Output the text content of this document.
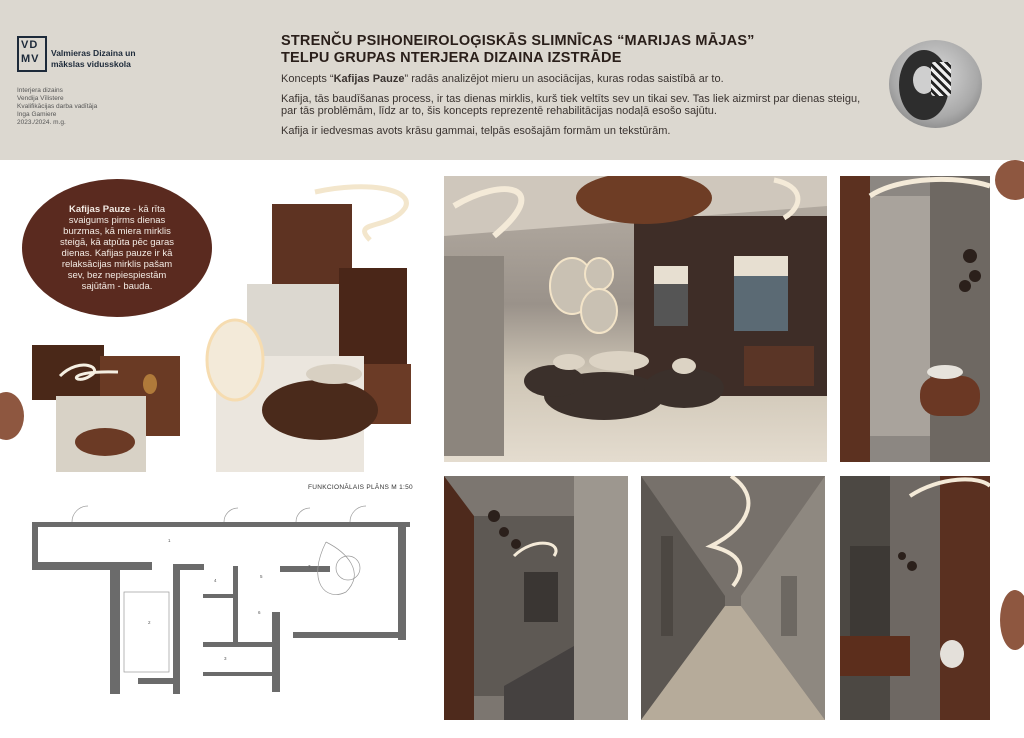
VD
MV Valmieras Dizaina un
mākslas vidusskola
Interjera dizains
Vendija Vīlistere
Kvalifikācijas darba vadītāja
Inga Gamiere
2023./2024. m.g.
STRENČU PSIHONEIROLOĢISKĀS SLIMNĪCAS “MARIJAS MĀJAS”
TELPU GRUPAS NTERJERA DIZAINA IZSTRĀDE

Koncepts “Kafijas Pauze” radās analizējot mieru un asociācijas, kuras rodas saistībā ar to.

Kafija, tās baudīšanas process, ir tas dienas mirklis, kurš tiek veltīts sev un tikai sev. Tas liek aizmirst par dienas steigu, par tās problēmām, līdz ar to, šis koncepts reprezentē rehabilitācijas nodaļā esošo sajūtu.

Kafija ir iedvesmas avots krāsu gammai, telpās esošajām formām un tekstūrām.

Kafijas Pauze - kā rīta svaigums pirms dienas burzmas, kā miera mirklis steigā, kā atpūta pēc garas dienas. Kafijas pauze ir kā relaksācijas mirklis pašam sev, bez nepiespiestām sajūtām - bauda.
FUNKCIONĀLAIS PLĀNS M 1:50
1
2
3
4
5
6
7
